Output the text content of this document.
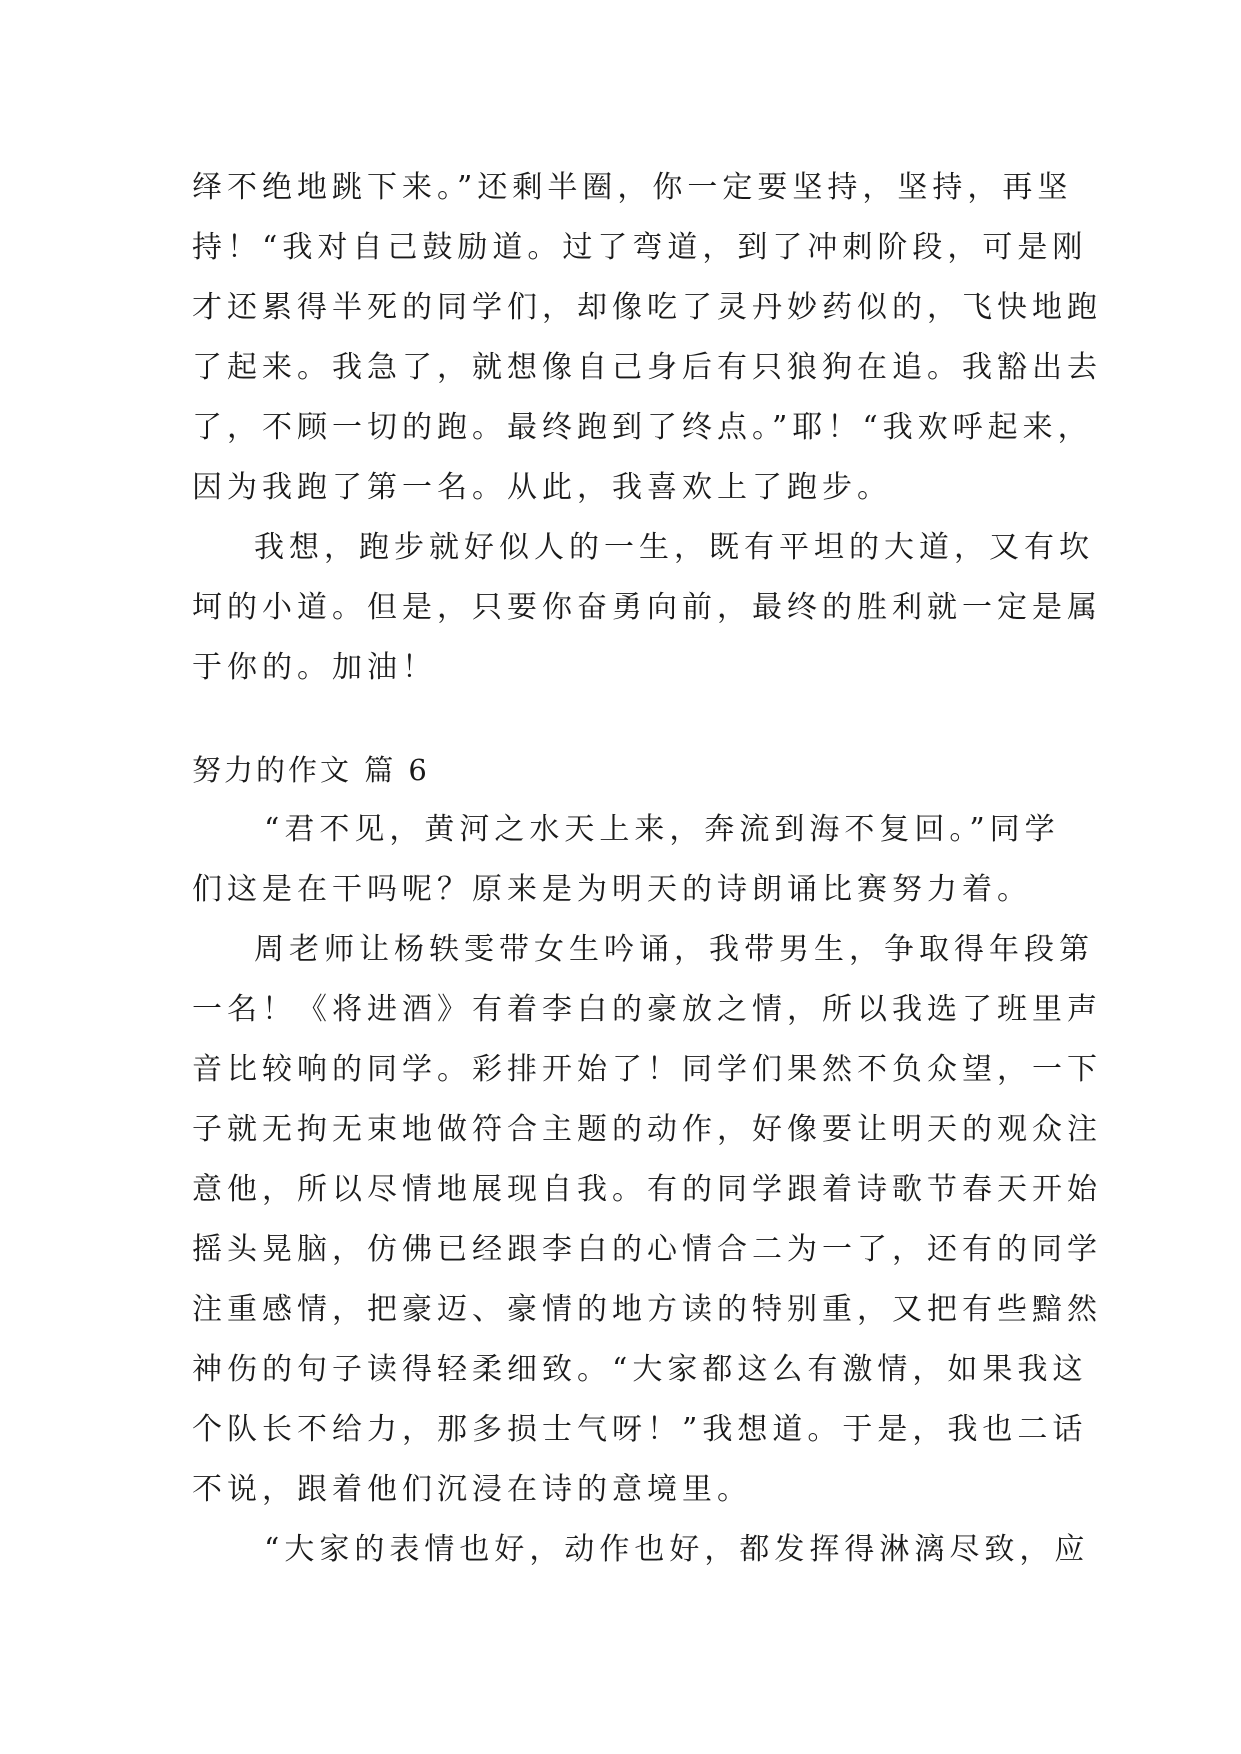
绎不绝地跳下来。”还剩半圈，你一定要坚持，坚持，再坚
持！“我对自己鼓励道。过了弯道，到了冲刺阶段，可是刚
才还累得半死的同学们，却像吃了灵丹妙药似的，飞快地跑
了起来。我急了，就想像自己身后有只狼狗在追。我豁出去
了，不顾一切的跑。最终跑到了终点。”耶！“我欢呼起来，
因为我跑了第一名。从此，我喜欢上了跑步。
我想，跑步就好似人的一生，既有平坦的大道，又有坎
坷的小道。但是，只要你奋勇向前，最终的胜利就一定是属
于你的。加油！
努力的作文 篇 6
“君不见，黄河之水天上来，奔流到海不复回。”同学
们这是在干吗呢？原来是为明天的诗朗诵比赛努力着。
周老师让杨轶雯带女生吟诵，我带男生，争取得年段第
一名！《将进酒》有着李白的豪放之情，所以我选了班里声
音比较响的同学。彩排开始了！同学们果然不负众望，一下
子就无拘无束地做符合主题的动作，好像要让明天的观众注
意他，所以尽情地展现自我。有的同学跟着诗歌节春天开始
摇头晃脑，仿佛已经跟李白的心情合二为一了，还有的同学
注重感情，把豪迈、豪情的地方读的特别重，又把有些黯然
神伤的句子读得轻柔细致。“大家都这么有激情，如果我这
个队长不给力，那多损士气呀！”我想道。于是，我也二话
不说，跟着他们沉浸在诗的意境里。
“大家的表情也好，动作也好，都发挥得淋漓尽致，应
